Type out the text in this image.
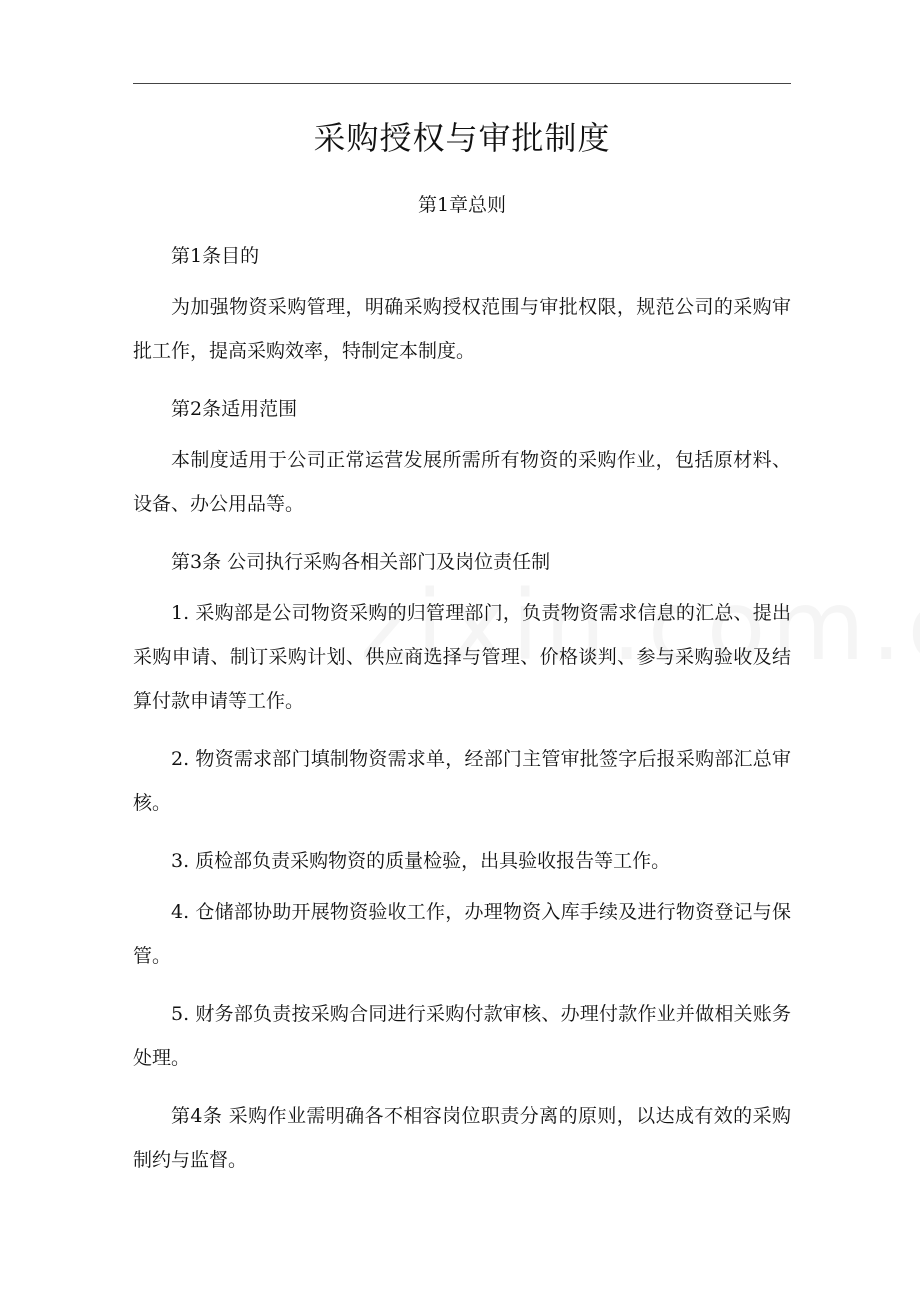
采购授权与审批制度
第1章总则

第1条目的

为加强物资采购管理，明确采购授权范围与审批权限，规范公司的采购审批工作，提高采购效率，特制定本制度。

第2条适用范围

本制度适用于公司正常运营发展所需所有物资的采购作业，包括原材料、设备、办公用品等。

第3条 公司执行采购各相关部门及岗位责任制

1. 采购部是公司物资采购的归管理部门，负责物资需求信息的汇总、提出采购申请、制订采购计划、供应商选择与管理、价格谈判、参与采购验收及结算付款申请等工作。

2. 物资需求部门填制物资需求单，经部门主管审批签字后报采购部汇总审核。

3. 质检部负责采购物资的质量检验，出具验收报告等工作。

4. 仓储部协助开展物资验收工作，办理物资入库手续及进行物资登记与保管。

5. 财务部负责按采购合同进行采购付款审核、办理付款作业并做相关账务处理。

第4条 采购作业需明确各不相容岗位职责分离的原则，以达成有效的采购制约与监督。
